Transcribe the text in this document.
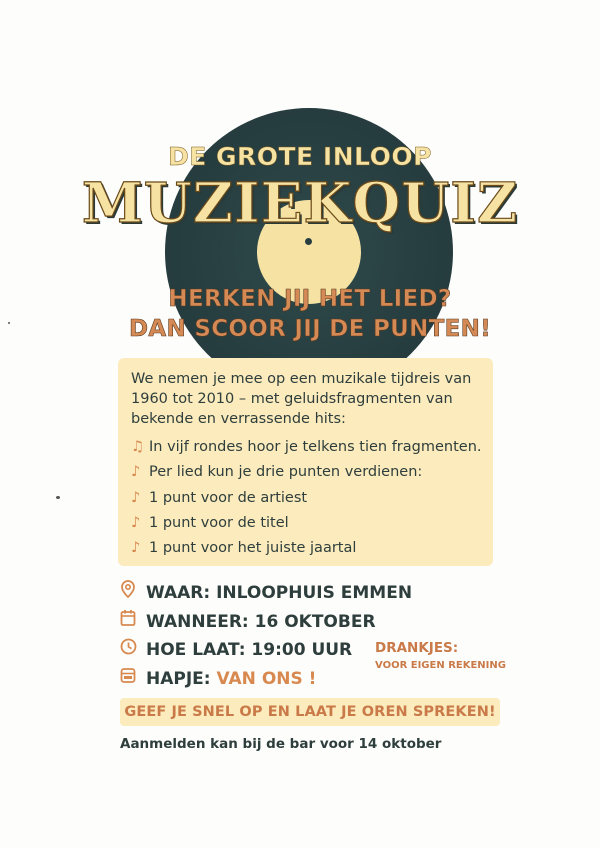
DE GROTE INLOOP
MUZIEKQUIZ
HERKEN JIJ HET LIED?
DAN SCOOR JIJ DE PUNTEN!
We nemen je mee op een muzikale tijdreis van 1960 tot 2010 – met geluidsfragmenten van bekende en verrassende hits:
♫ In vijf rondes hoor je telkens tien fragmenten.
♪ Per lied kun je drie punten verdienen:
♪ 1 punt voor de artiest
♪ 1 punt voor de titel
♪ 1 punt voor het juiste jaartal
WAAR: INLOOPHUIS EMMEN
WANNEER: 16 OKTOBER
HOE LAAT: 19:00 UUR
HAPJE: VAN ONS !
DRANKJES:
VOOR EIGEN REKENING
GEEF JE SNEL OP EN LAAT JE OREN SPREKEN!
Aanmelden kan bij de bar voor 14 oktober
